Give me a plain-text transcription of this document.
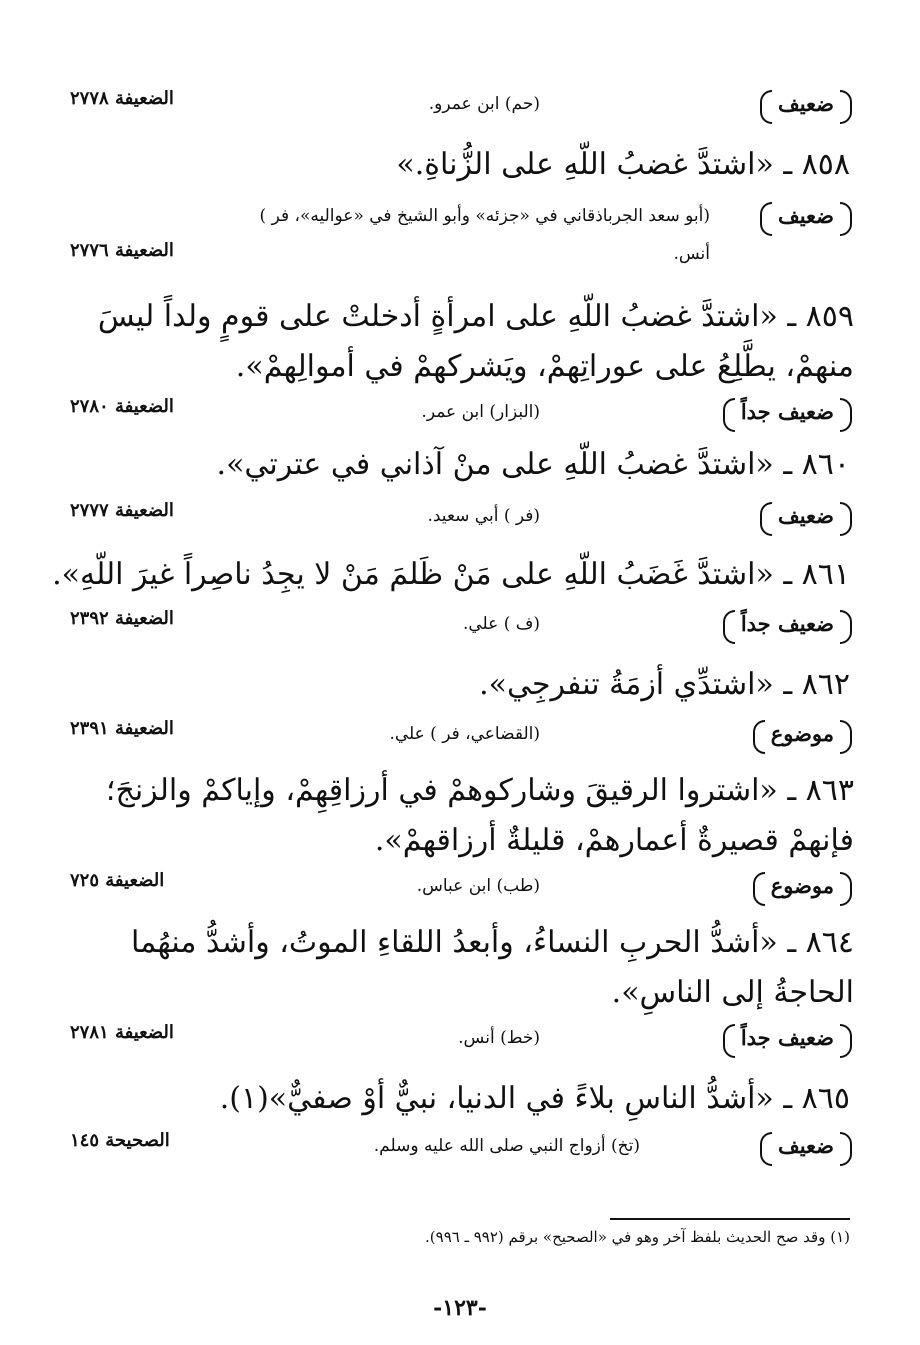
ضعيف
(حم) ابن عمرو.
الضعيفة ٢٧٧٨
٨٥٨ ـ «اشتدَّ غضبُ اللّهِ على الزُّناةِ.»
ضعيف
(أبو سعد الجرباذقاني في «جزئه» وأبو الشيخ في «عواليه»، فر )
أنس.
الضعيفة ٢٧٧٦
٨٥٩ ـ «اشتدَّ غضبُ اللّهِ على امرأةٍ أدخلتْ على قومٍ ولداً ليسَ منهمْ، يطَّلِعُ على عوراتِهمْ، ويَشركهمْ في أموالِهمْ».
ضعيف جداً
(البزار) ابن عمر.
الضعيفة ٢٧٨٠
٨٦٠ ـ «اشتدَّ غضبُ اللّهِ على منْ آذاني في عترتي».
ضعيف
(فر ) أبي سعيد.
الضعيفة ٢٧٧٧
٨٦١ ـ «اشتدَّ غَضَبُ اللّهِ على مَنْ ظَلمَ مَنْ لا يجِدُ ناصِراً غيرَ اللّهِ».
ضعيف جداً
(ف ) علي.
الضعيفة ٢٣٩٢
٨٦٢ ـ «اشتدِّي أزمَةُ تنفرجِي».
موضوع
(القضاعي، فر ) علي.
الضعيفة ٢٣٩١
٨٦٣ ـ «اشتروا الرقيقَ وشاركوهمْ في أرزاقِهِمْ، وإياكمْ والزنجَ؛ فإنهمْ قصيرةٌ أعمارهمْ، قليلةٌ أرزاقهمْ».
موضوع
(طب) ابن عباس.
الضعيفة ٧٢٥
٨٦٤ ـ «أشدُّ الحربِ النساءُ، وأبعدُ اللقاءِ الموتُ، وأشدُّ منهُما الحاجةُ إلى الناسِ».
ضعيف جداً
(خط) أنس.
الضعيفة ٢٧٨١
٨٦٥ ـ «أشدُّ الناسِ بلاءً في الدنيا، نبيٌّ أوْ صفيٌّ»(١).
ضعيف
(تخ) أزواج النبي صلى الله عليه وسلم.
الصحيحة ١٤٥
(١) وقد صح الحديث بلفظ آخر وهو في «الصحيح» برقم (٩٩٢ ـ ٩٩٦).
-١٢٣-
